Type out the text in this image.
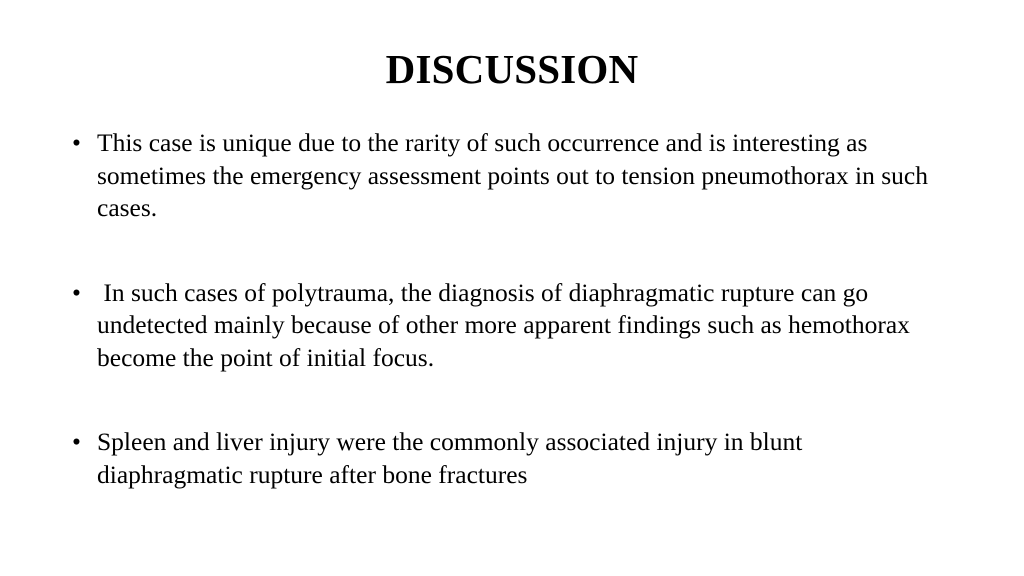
DISCUSSION
• This case is unique due to the rarity of such occurrence and is interesting as sometimes the emergency assessment points out to tension pneumothorax in such cases.
• In such cases of polytrauma, the diagnosis of diaphragmatic rupture can go undetected mainly because of other more apparent findings such as hemothorax become the point of initial focus.
• Spleen and liver injury were the commonly associated injury in blunt diaphragmatic rupture after bone fractures
